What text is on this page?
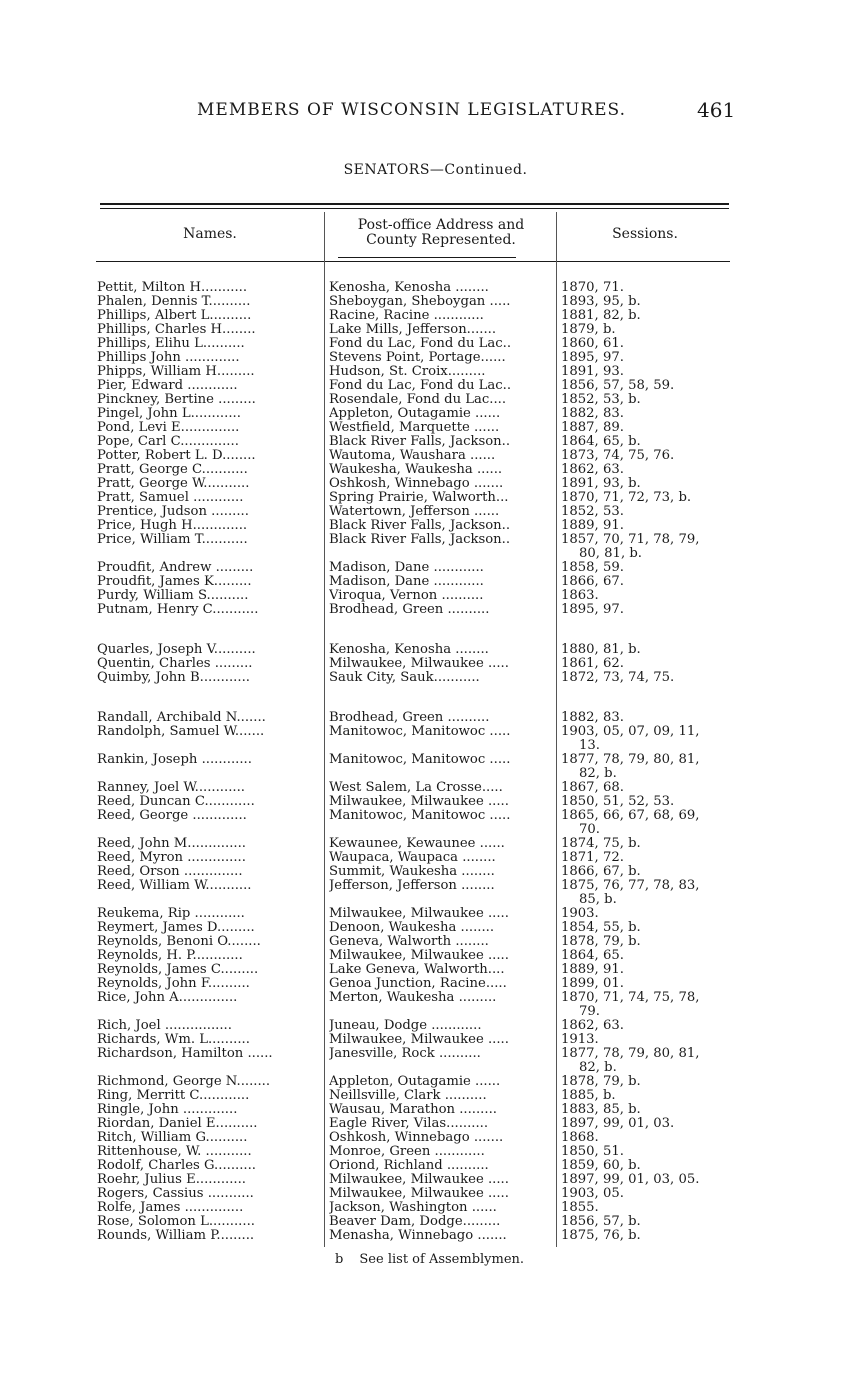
MEMBERS OF WISCONSIN LEGISLATURES.	461
SENATORS—Continued.
Names.
Post-office Address and
County Represented.	Sessions.
Pettit, Milton H...........	Kenosha, Kenosha ........	1870, 71.
Phalen, Dennis T..........	Sheboygan, Sheboygan .....	1893, 95, b.
Phillips, Albert L..........	Racine, Racine ............	1881, 82, b.
Phillips, Charles H........	Lake Mills, Jefferson.......	1879, b.
Phillips, Elihu L..........	Fond du Lac, Fond du Lac..	1860, 61.
Phillips John .............	Stevens Point, Portage......	1895, 97.
Phipps, William H.........	Hudson, St. Croix.........	1891, 93.
Pier, Edward ............	Fond du Lac, Fond du Lac..	1856, 57, 58, 59.
Pinckney, Bertine .........	Rosendale, Fond du Lac....	1852, 53, b.
Pingel, John L............	Appleton, Outagamie ......	1882, 83.
Pond, Levi E..............	Westfield, Marquette ......	1887, 89.
Pope, Carl C..............	Black River Falls, Jackson..	1864, 65, b.
Potter, Robert L. D........	Wautoma, Waushara ......	1873, 74, 75, 76.
Pratt, George C...........	Waukesha, Waukesha ......	1862, 63.
Pratt, George W...........	Oshkosh, Winnebago .......	1891, 93, b.
Pratt, Samuel ............	Spring Prairie, Walworth...	1870, 71, 72, 73, b.
Prentice, Judson .........	Watertown, Jefferson ......	1852, 53.
Price, Hugh H.............	Black River Falls, Jackson..	1889, 91.
Price, William T...........	Black River Falls, Jackson..	1857, 70, 71, 78, 79,
80, 81, b.
Proudfit, Andrew .........	Madison, Dane ............	1858, 59.
Proudfit, James K.........	Madison, Dane ............	1866, 67.
Purdy, William S..........	Viroqua, Vernon ..........	1863.
Putnam, Henry C...........	Brodhead, Green ..........	1895, 97.
Quarles, Joseph V..........	Kenosha, Kenosha ........	1880, 81, b.
Quentin, Charles .........	Milwaukee, Milwaukee .....	1861, 62.
Quimby, John B............	Sauk City, Sauk...........	1872, 73, 74, 75.
Randall, Archibald N.......	Brodhead, Green ..........	1882, 83.
Randolph, Samuel W.......	Manitowoc, Manitowoc .....	1903, 05, 07, 09, 11,
13.
Rankin, Joseph ............	Manitowoc, Manitowoc .....	1877, 78, 79, 80, 81,
82, b.
Ranney, Joel W............	West Salem, La Crosse.....	1867, 68.
Reed, Duncan C............	Milwaukee, Milwaukee .....	1850, 51, 52, 53.
Reed, George .............	Manitowoc, Manitowoc .....	1865, 66, 67, 68, 69,
70.
Reed, John M..............	Kewaunee, Kewaunee ......	1874, 75, b.
Reed, Myron ..............	Waupaca, Waupaca ........	1871, 72.
Reed, Orson ..............	Summit, Waukesha ........	1866, 67, b.
Reed, William W...........	Jefferson, Jefferson ........	1875, 76, 77, 78, 83,
85, b.
Reukema, Rip ............	Milwaukee, Milwaukee .....	1903.
Reymert, James D.........	Denoon, Waukesha ........	1854, 55, b.
Reynolds, Benoni O........	Geneva, Walworth ........	1878, 79, b.
Reynolds, H. P............	Milwaukee, Milwaukee .....	1864, 65.
Reynolds, James C.........	Lake Geneva, Walworth....	1889, 91.
Reynolds, John F..........	Genoa Junction, Racine.....	1899, 01.
Rice, John A..............	Merton, Waukesha .........	1870, 71, 74, 75, 78,
79.
Rich, Joel ................	Juneau, Dodge ............	1862, 63.
Richards, Wm. L..........	Milwaukee, Milwaukee .....	1913.
Richardson, Hamilton ......	Janesville, Rock ..........	1877, 78, 79, 80, 81,
82, b.
Richmond, George N........	Appleton, Outagamie ......	1878, 79, b.
Ring, Merritt C............	Neillsville, Clark ..........	1885, b.
Ringle, John .............	Wausau, Marathon .........	1883, 85, b.
Riordan, Daniel E..........	Eagle River, Vilas..........	1897, 99, 01, 03.
Ritch, William G..........	Oshkosh, Winnebago .......	1868.
Rittenhouse, W. ...........	Monroe, Green ............	1850, 51.
Rodolf, Charles G..........	Oriond, Richland ..........	1859, 60, b.
Roehr, Julius E............	Milwaukee, Milwaukee .....	1897, 99, 01, 03, 05.
Rogers, Cassius ...........	Milwaukee, Milwaukee .....	1903, 05.
Rolfe, James ..............	Jackson, Washington ......	1855.
Rose, Solomon L...........	Beaver Dam, Dodge.........	1856, 57, b.
Rounds, William P.........	Menasha, Winnebago .......	1875, 76, b.
b See list of Assemblymen.
